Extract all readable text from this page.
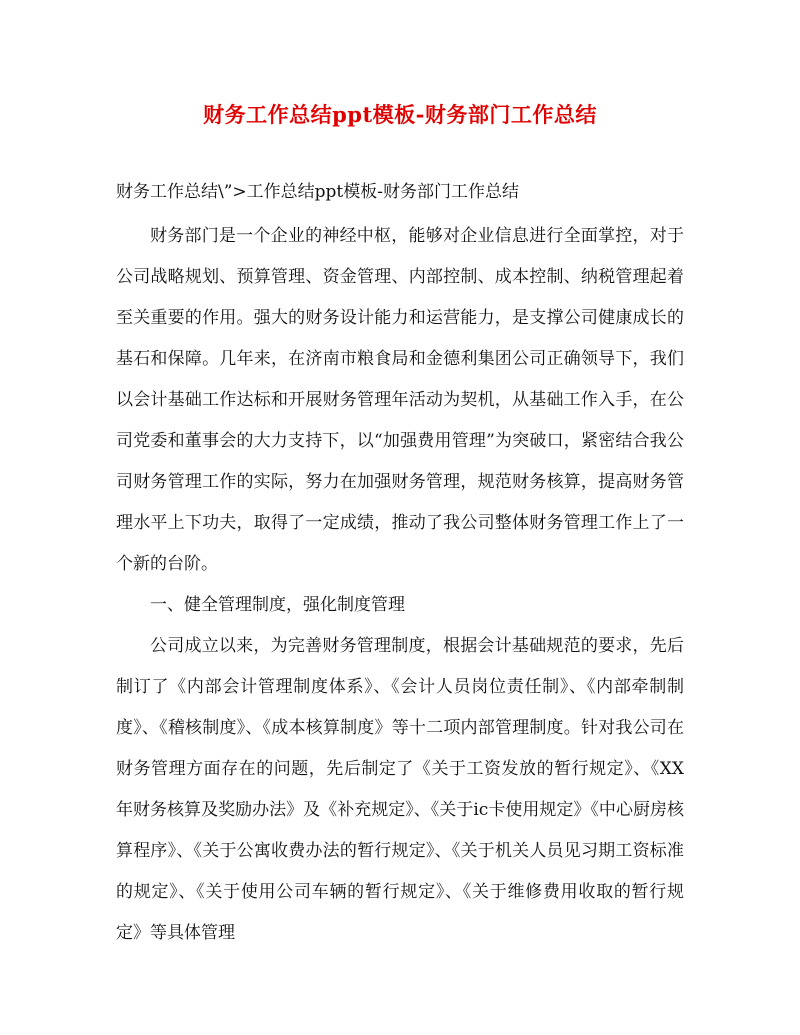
财务工作总结ppt模板-财务部门工作总结

财务工作总结\”>工作总结ppt模板-财务部门工作总结

财务部门是一个企业的神经中枢，能够对企业信息进行全面掌控，对于公司战略规划、预算管理、资金管理、内部控制、成本控制、纳税管理起着至关重要的作用。强大的财务设计能力和运营能力，是支撑公司健康成长的基石和保障。几年来，在济南市粮食局和金德利集团公司正确领导下，我们以会计基础工作达标和开展财务管理年活动为契机，从基础工作入手，在公司党委和董事会的大力支持下，以“加强费用管理”为突破口，紧密结合我公司财务管理工作的实际，努力在加强财务管理，规范财务核算，提高财务管理水平上下功夫，取得了一定成绩，推动了我公司整体财务管理工作上了一个新的台阶。

一、健全管理制度，强化制度管理

公司成立以来，为完善财务管理制度，根据会计基础规范的要求，先后制订了《内部会计管理制度体系》、《会计人员岗位责任制》、《内部牵制制度》、《稽核制度》、《成本核算制度》等十二项内部管理制度。针对我公司在财务管理方面存在的问题，先后制定了《关于工资发放的暂行规定》、《XX年财务核算及奖励办法》及《补充规定》、《关于ic卡使用规定》《中心厨房核算程序》、《关于公寓收费办法的暂行规定》、《关于机关人员见习期工资标准的规定》、《关于使用公司车辆的暂行规定》、《关于维修费用收取的暂行规定》等具体管理
